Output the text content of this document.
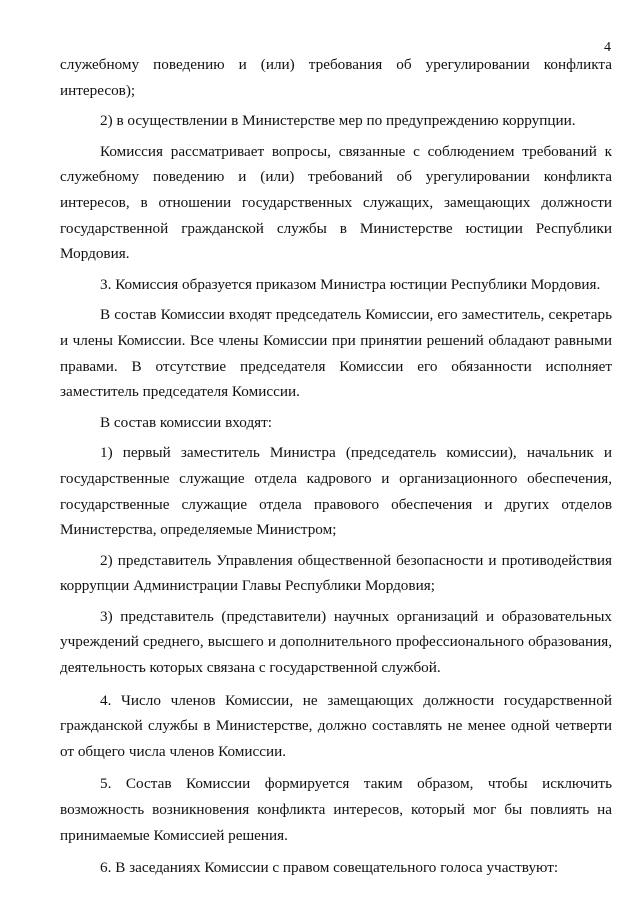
4

служебному поведению и (или) требования об урегулировании конфликта интересов);

2) в осуществлении в Министерстве мер по предупреждению коррупции.

Комиссия рассматривает вопросы, связанные с соблюдением требований к служебному поведению и (или) требований об урегулировании конфликта интересов, в отношении государственных служащих, замещающих должности государственной гражданской службы в Министерстве юстиции Республики Мордовия.

3. Комиссия образуется приказом Министра юстиции Республики Мордовия.

В состав Комиссии входят председатель Комиссии, его заместитель, секретарь и члены Комиссии. Все члены Комиссии при принятии решений обладают равными правами. В отсутствие председателя Комиссии его обязанности исполняет заместитель председателя Комиссии.

В состав комиссии входят:

1) первый заместитель Министра (председатель комиссии), начальник и государственные служащие отдела кадрового и организационного обеспечения, государственные служащие отдела правового обеспечения и других отделов Министерства, определяемые Министром;

2) представитель Управления общественной безопасности и противодействия коррупции Администрации Главы Республики Мордовия;

3) представитель (представители) научных организаций и образовательных учреждений среднего, высшего и дополнительного профессионального образования, деятельность которых связана с государственной службой.

4. Число членов Комиссии, не замещающих должности государственной гражданской службы в Министерстве, должно составлять не менее одной четверти от общего числа членов Комиссии.

5. Состав Комиссии формируется таким образом, чтобы исключить возможность возникновения конфликта интересов, который мог бы повлиять на принимаемые Комиссией решения.

6. В заседаниях Комиссии с правом совещательного голоса участвуют:
